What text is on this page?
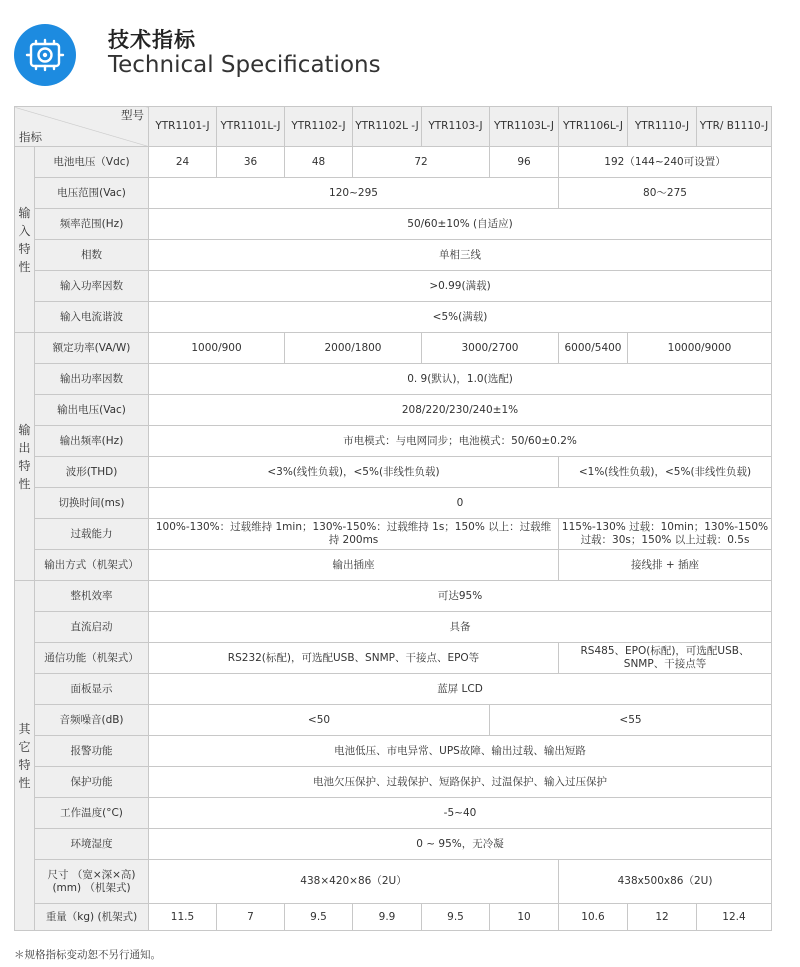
技术指标
Technical Specifications
型号
指标		YTR1101-J	YTR1101L-J	YTR1102-J	YTR1102L -J	YTR1103-J	YTR1103L-J	YTR1106L-J	YTR1110-J	YTR/ B1110-J
输入特性	电池电压（Vdc)	24	36	48	72		96	192（144~240可设置）		
	电压范围(Vac)	120~295						80～275		
	频率范围(Hz)	50/60±10% (自适应)								
	相数	单相三线								
	输入功率因数	>0.99(满载)								
	输入电流谐波	<5%(满载)								
输出特性	额定功率(VA/W)	1000/900		2000/1800		3000/2700		6000/5400	10000/9000	
	输出功率因数	0. 9(默认)，1.0(选配)								
	输出电压(Vac)	208/220/230/240±1%								
	输出频率(Hz)	市电模式：与电网同步；电池模式：50/60±0.2%								
	波形(THD)	<3%(线性负载)，<5%(非线性负载)						<1%(线性负载)，<5%(非线性负载)		
	切换时间(ms)	0								
	过载能力	100%-130%：过载维持 1min；130%-150%：过载维持 1s；150% 以上：过载维持 200ms						115%-130% 过载：10min；130%-150% 过载：30s；150% 以上过载：0.5s		
	输出方式（机架式）	输出插座						接线排 + 插座		
其它特性	整机效率	可达95%								
	直流启动	具备								
	通信功能（机架式）	RS232(标配)，可选配USB、SNMP、干接点、EPO等						RS485、EPO(标配)，可选配USB、SNMP、干接点等		
	面板显示	蓝屏 LCD								
	音频噪音(dB)	<50					<55			
	报警功能	电池低压、市电异常、UPS故障、输出过载、输出短路								
	保护功能	电池欠压保护、过载保护、短路保护、过温保护、输入过压保护								
	工作温度(°C)	-5~40								
	环境湿度	0 ~ 95%，无冷凝								
	尺寸 （宽×深×高) (mm) （机架式)	438×420×86（2U）						438x500x86（2U)		
	重量（kg) (机架式)	11.5	7	9.5	9.9	9.5	10	10.6	12	12.4
＊规格指标变动恕不另行通知。
